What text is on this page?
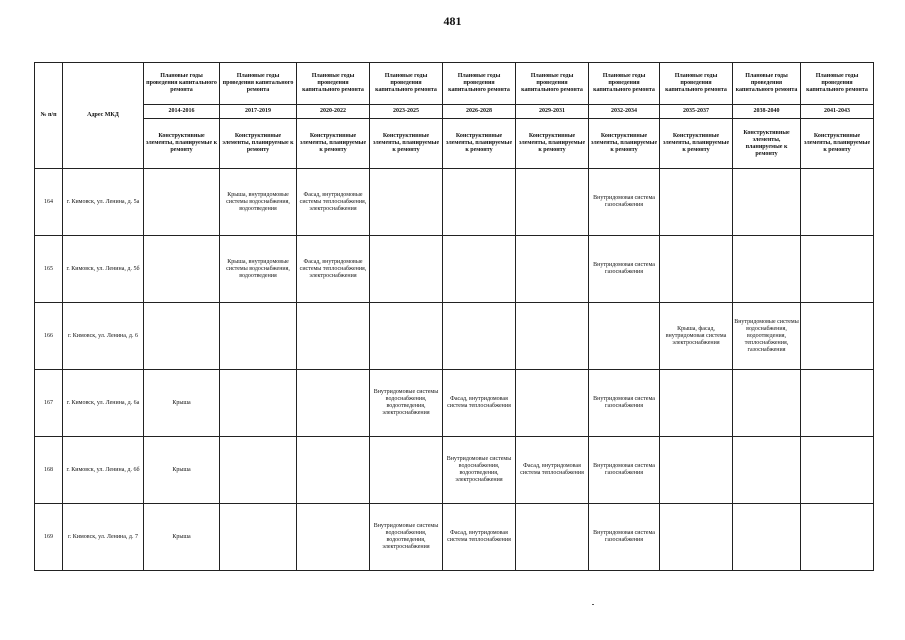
481
№ п/п	Адрес МКД	Плановые годы проведения капитального ремонта	Плановые годы проведения капитального ремонта	Плановые годы проведения капитального ремонта	Плановые годы проведения капитального ремонта	Плановые годы проведения капитального ремонта	Плановые годы проведения капитального ремонта	Плановые годы проведения капитального ремонта	Плановые годы проведения капитального ремонта	Плановые годы проведения капитального ремонта	Плановые годы проведения капитального ремонта
		2014-2016	2017-2019	2020-2022	2023-2025	2026-2028	2029-2031	2032-2034	2035-2037	2038-2040	2041-2043
		Конструктивные элементы, планируемые к ремонту	Конструктивные элементы, планируемые к ремонту	Конструктивные элементы, планируемые к ремонту	Конструктивные элементы, планируемые к ремонту	Конструктивные элементы, планируемые к ремонту	Конструктивные элементы, планируемые к ремонту	Конструктивные элементы, планируемые к ремонту	Конструктивные элементы, планируемые к ремонту	Конструктивные элементы, планируемые к ремонту	Конструктивные элементы, планируемые к ремонту
164	г. Кимовск, ул. Ленина, д. 5а		Крыша, внутридомовые системы водоснабжения, водоотведения	Фасад, внутридомовые системы теплоснабжения, электроснабжения				Внутридомовая система газоснабжения			
165	г. Кимовск, ул. Ленина, д. 5б		Крыша, внутридомовые системы водоснабжения, водоотведения	Фасад, внутридомовые системы теплоснабжения, электроснабжения				Внутридомовая система газоснабжения			
166	г. Кимовск, ул. Ленина, д. 6								Крыша, фасад, внутридомовая система электроснабжения	Внутридомовые системы водоснабжения, водоотведения, теплоснабжения, газоснабжения	
167	г. Кимовск, ул. Ленина, д. 6а	Крыша			Внутридомовые системы водоснабжения, водоотведения, электроснабжения	Фасад, внутридомовая система теплоснабжения		Внутридомовая система газоснабжения			
168	г. Кимовск, ул. Ленина, д. 6б	Крыша				Внутридомовые системы водоснабжения, водоотведения, электроснабжения	Фасад, внутридомовая система теплоснабжения	Внутридомовая система газоснабжения			
169	г. Кимовск, ул. Ленина, д. 7	Крыша			Внутридомовые системы водоснабжения, водоотведения, электроснабжения	Фасад, внутридомовая система теплоснабжения		Внутридомовая система газоснабжения			
